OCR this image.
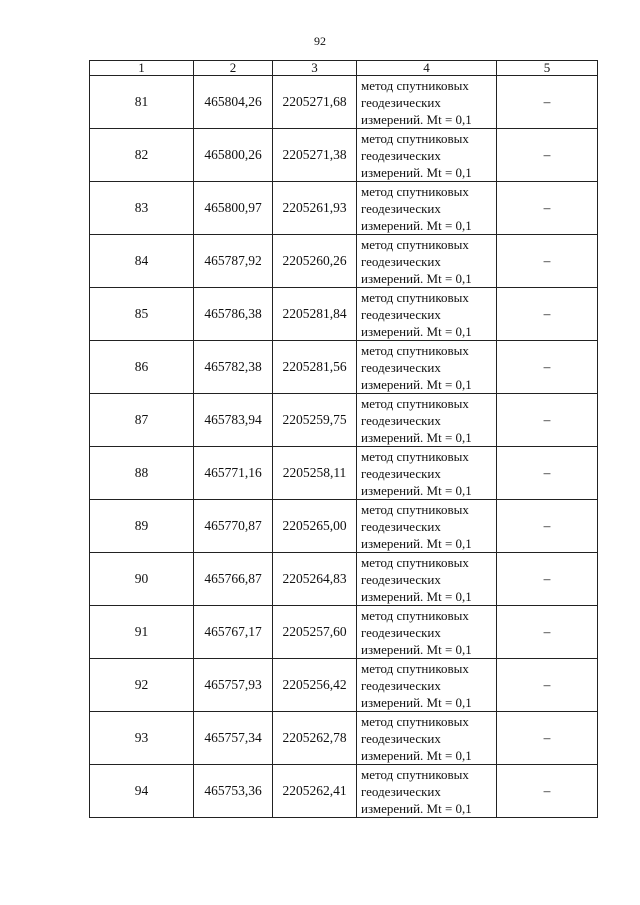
92
1	2	3	4	5
81	465804,26	2205271,68	метод спутниковых
геодезических
измерений. Mt = 0,1	–
82	465800,26	2205271,38	метод спутниковых
геодезических
измерений. Mt = 0,1	–
83	465800,97	2205261,93	метод спутниковых
геодезических
измерений. Mt = 0,1	–
84	465787,92	2205260,26	метод спутниковых
геодезических
измерений. Mt = 0,1	–
85	465786,38	2205281,84	метод спутниковых
геодезических
измерений. Mt = 0,1	–
86	465782,38	2205281,56	метод спутниковых
геодезических
измерений. Mt = 0,1	–
87	465783,94	2205259,75	метод спутниковых
геодезических
измерений. Mt = 0,1	–
88	465771,16	2205258,11	метод спутниковых
геодезических
измерений. Mt = 0,1	–
89	465770,87	2205265,00	метод спутниковых
геодезических
измерений. Mt = 0,1	–
90	465766,87	2205264,83	метод спутниковых
геодезических
измерений. Mt = 0,1	–
91	465767,17	2205257,60	метод спутниковых
геодезических
измерений. Mt = 0,1	–
92	465757,93	2205256,42	метод спутниковых
геодезических
измерений. Mt = 0,1	–
93	465757,34	2205262,78	метод спутниковых
геодезических
измерений. Mt = 0,1	–
94	465753,36	2205262,41	метод спутниковых
геодезических
измерений. Mt = 0,1	–
